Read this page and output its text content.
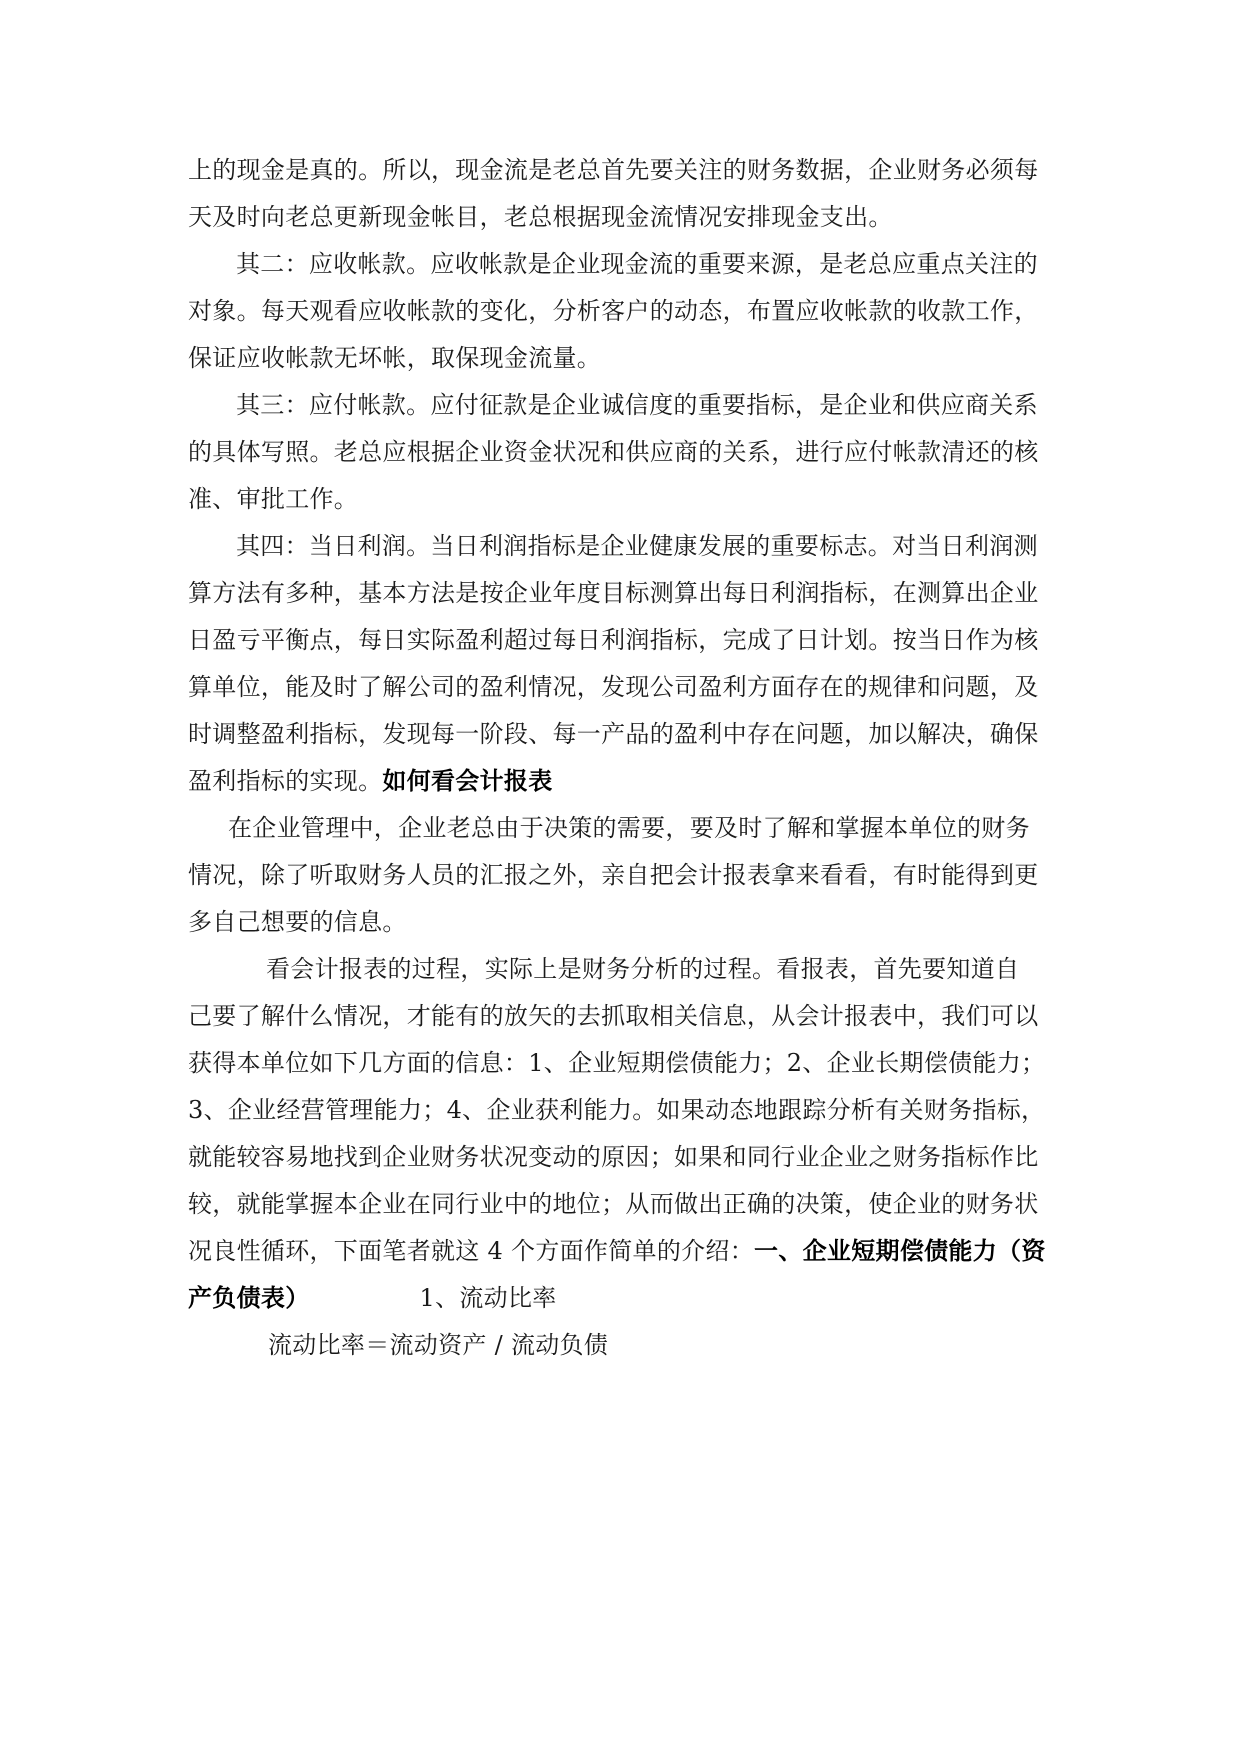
上的现金是真的。所以，现金流是老总首先要关注的财务数据，企业财务必须每
天及时向老总更新现金帐目，老总根据现金流情况安排现金支出。
其二：应收帐款。应收帐款是企业现金流的重要来源，是老总应重点关注的
对象。每天观看应收帐款的变化，分析客户的动态，布置应收帐款的收款工作，
保证应收帐款无坏帐，取保现金流量。
其三：应付帐款。应付征款是企业诚信度的重要指标，是企业和供应商关系
的具体写照。老总应根据企业资金状况和供应商的关系，进行应付帐款清还的核
准、审批工作。
其四：当日利润。当日利润指标是企业健康发展的重要标志。对当日利润测
算方法有多种，基本方法是按企业年度目标测算出每日利润指标，在测算出企业
日盈亏平衡点，每日实际盈利超过每日利润指标，完成了日计划。按当日作为核
算单位，能及时了解公司的盈利情况，发现公司盈利方面存在的规律和问题，及
时调整盈利指标，发现每一阶段、每一产品的盈利中存在问题，加以解决，确保
盈利指标的实现。如何看会计报表
在企业管理中，企业老总由于决策的需要，要及时了解和掌握本单位的财务
情况，除了听取财务人员的汇报之外，亲自把会计报表拿来看看，有时能得到更
多自己想要的信息。
看会计报表的过程，实际上是财务分析的过程。看报表，首先要知道自
己要了解什么情况，才能有的放矢的去抓取相关信息，从会计报表中，我们可以
获得本单位如下几方面的信息：1、企业短期偿债能力；2、企业长期偿债能力；
3、企业经营管理能力；4、企业获利能力。如果动态地跟踪分析有关财务指标，
就能较容易地找到企业财务状况变动的原因；如果和同行业企业之财务指标作比
较，就能掌握本企业在同行业中的地位；从而做出正确的决策，使企业的财务状
况良性循环，下面笔者就这 4 个方面作简单的介绍：一、企业短期偿债能力（资
产负债表）	1、流动比率
流动比率＝流动资产 / 流动负债
